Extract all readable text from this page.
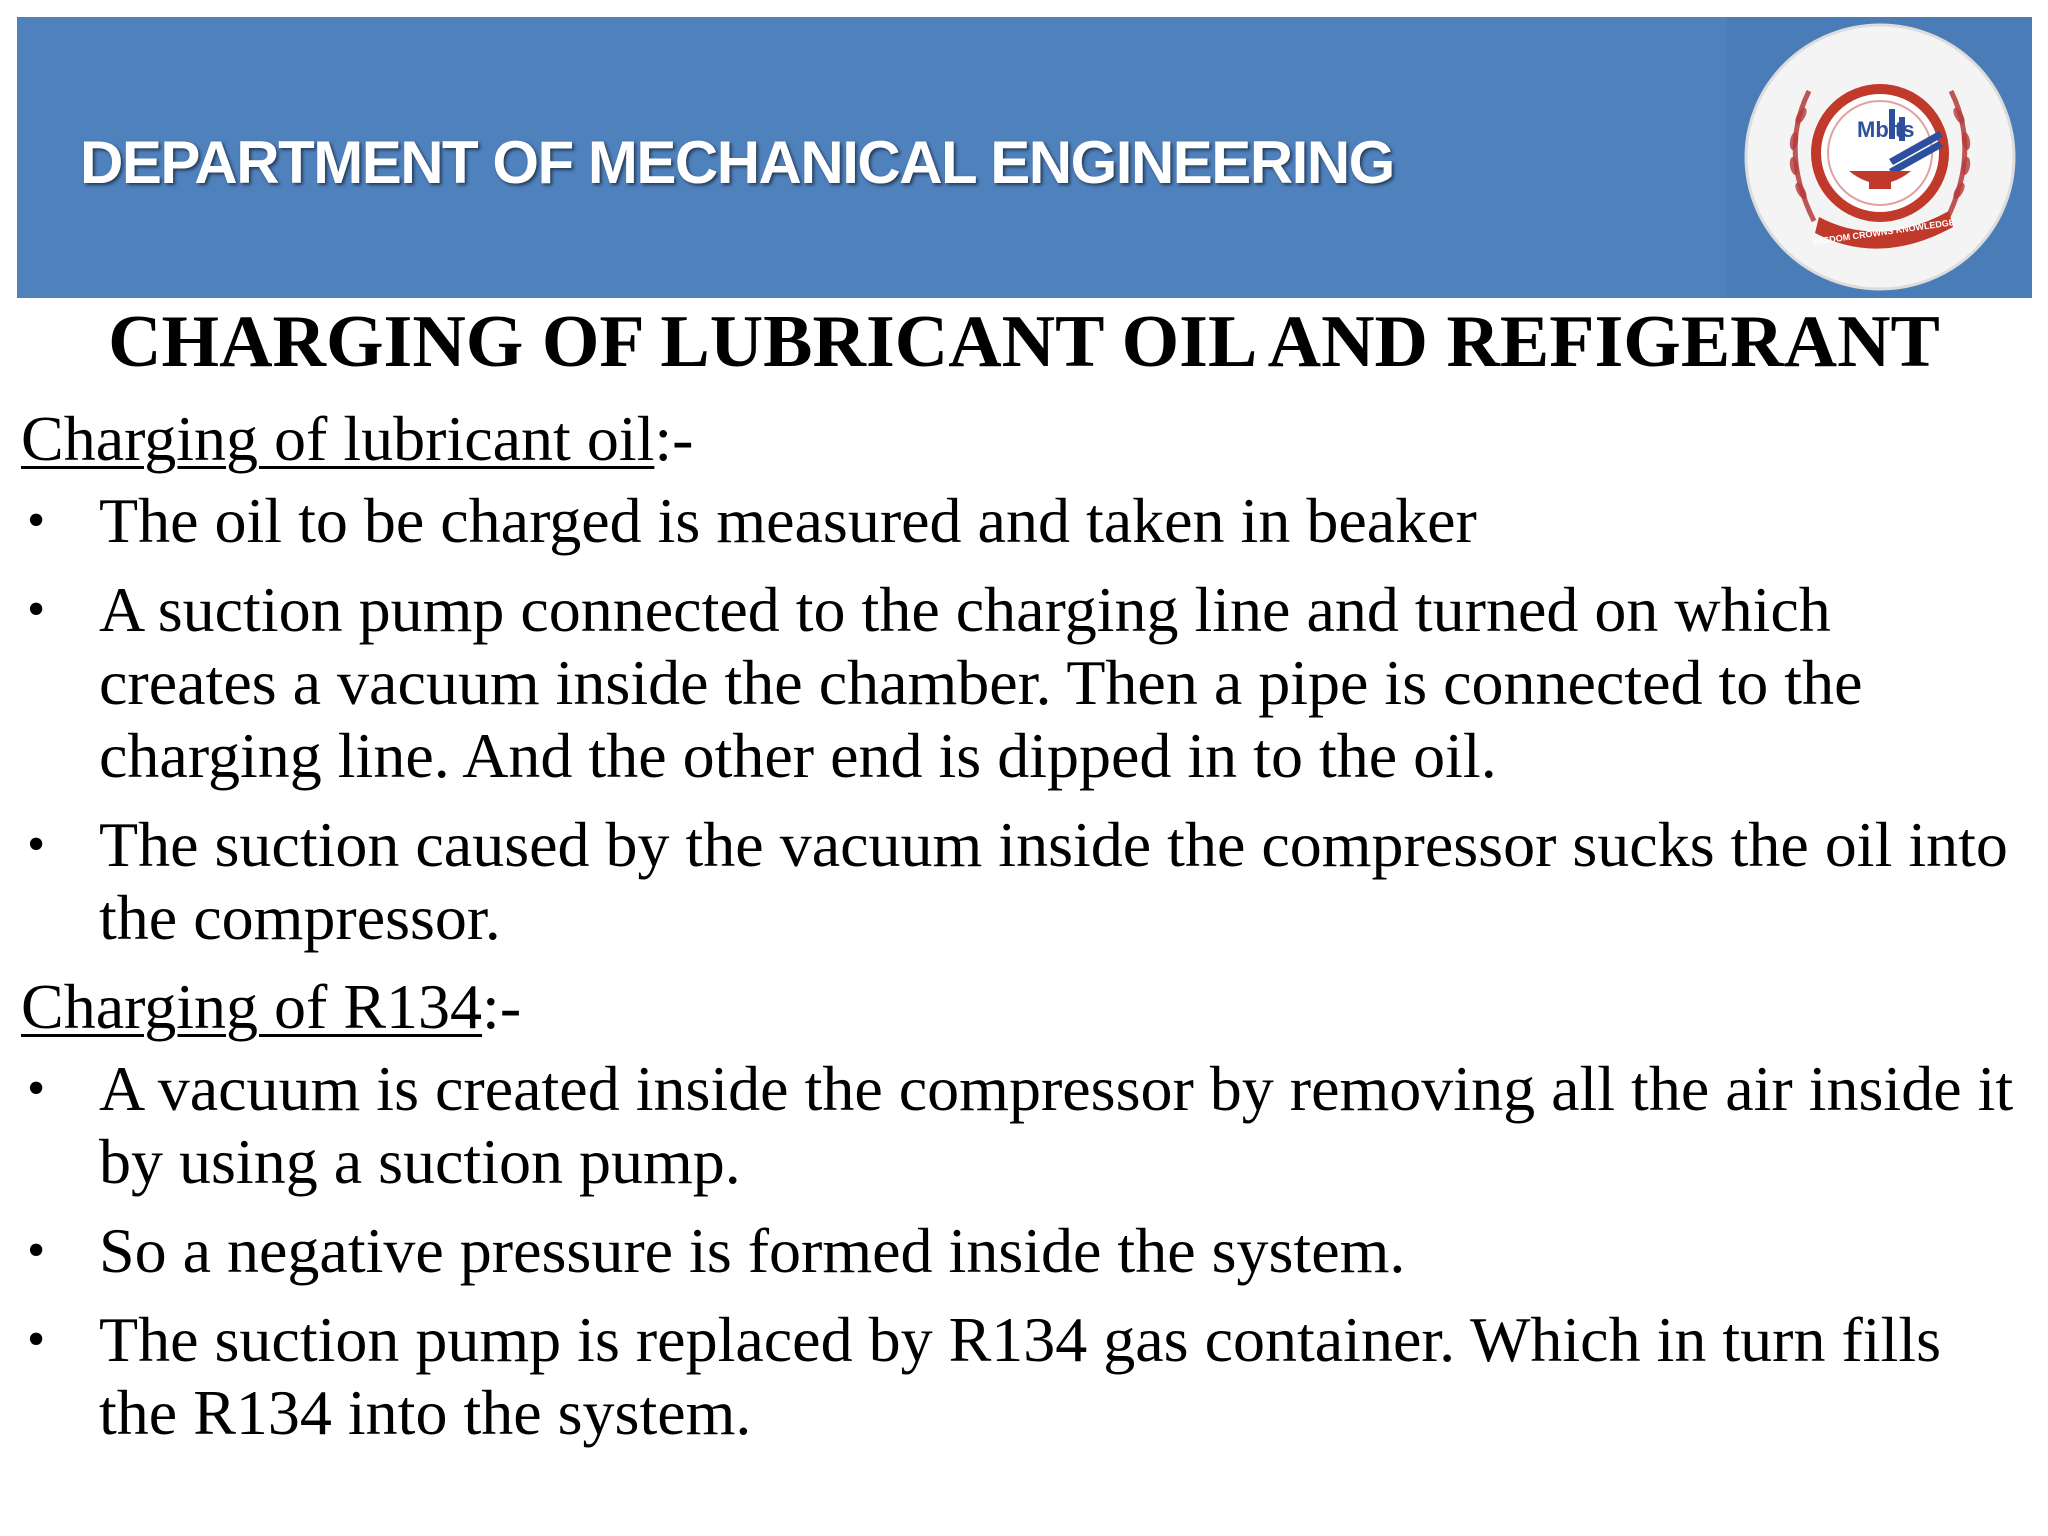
DEPARTMENT OF MECHANICAL ENGINEERING	Mbits
WISDOM CROWNS KNOWLEDGE
CHARGING OF LUBRICANT OIL AND REFIGERANT
Charging of lubricant oil:-
• The oil to be charged is measured and taken in beaker
• A suction pump connected to the charging line and turned on which creates a vacuum inside the chamber. Then a pipe is connected to the charging line. And the other end is dipped in to the oil.
• The suction caused by the vacuum inside the compressor sucks the oil into the compressor.
Charging of R134:-
• A vacuum is created inside the compressor by removing all the air inside it by using a suction pump.
• So a negative pressure is formed inside the system.
• The suction pump is replaced by R134 gas container. Which in turn fills the R134 into the system.
